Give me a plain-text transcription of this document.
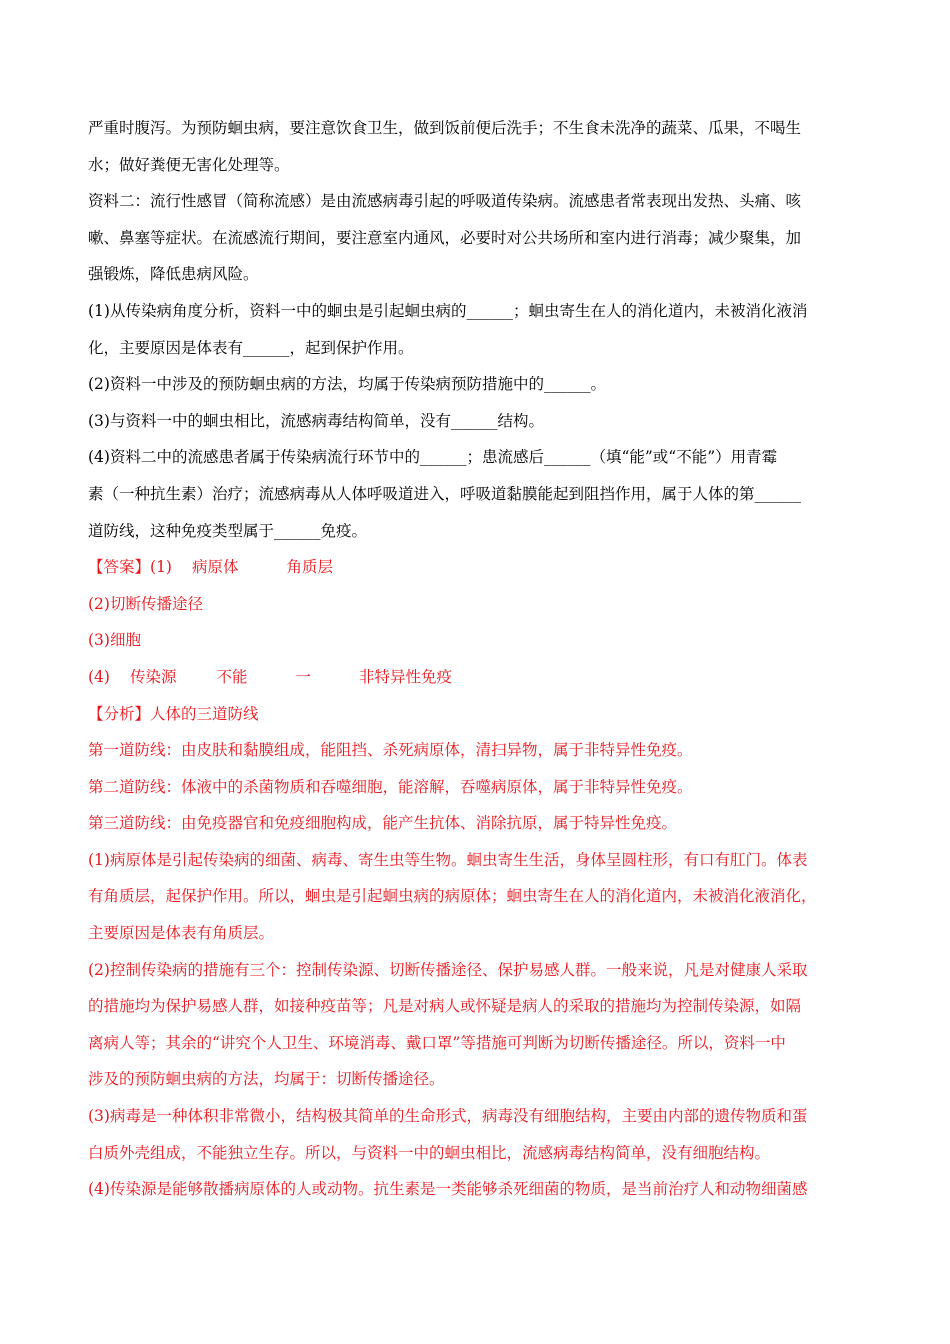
严重时腹泻。为预防蛔虫病，要注意饮食卫生，做到饭前便后洗手；不生食未洗净的蔬菜、瓜果，不喝生
水；做好粪便无害化处理等。
资料二：流行性感冒（简称流感）是由流感病毒引起的呼吸道传染病。流感患者常表现出发热、头痛、咳
嗽、鼻塞等症状。在流感流行期间，要注意室内通风，必要时对公共场所和室内进行消毒；减少聚集，加
强锻炼，降低患病风险。
(1)从传染病角度分析，资料一中的蛔虫是引起蛔虫病的______；蛔虫寄生在人的消化道内，未被消化液消
化，主要原因是体表有______，起到保护作用。
(2)资料一中涉及的预防蛔虫病的方法，均属于传染病预防措施中的______。
(3)与资料一中的蛔虫相比，流感病毒结构简单，没有______结构。
(4)资料二中的流感患者属于传染病流行环节中的______；患流感后______（填“能”或“不能”）用青霉
素（一种抗生素）治疗；流感病毒从人体呼吸道进入，呼吸道黏膜能起到阻挡作用，属于人体的第______
道防线，这种免疫类型属于______免疫。
【答案】(1) 病原体	角质层
(2)切断传播途径
(3)细胞
(4) 传染源	不能	一	非特异性免疫
【分析】人体的三道防线
第一道防线：由皮肤和黏膜组成，能阻挡、杀死病原体，清扫异物，属于非特异性免疫。
第二道防线：体液中的杀菌物质和吞噬细胞，能溶解，吞噬病原体，属于非特异性免疫。
第三道防线：由免疫器官和免疫细胞构成，能产生抗体、消除抗原，属于特异性免疫。
(1)病原体是引起传染病的细菌、病毒、寄生虫等生物。蛔虫寄生生活，身体呈圆柱形，有口有肛门。体表
有角质层，起保护作用。所以，蛔虫是引起蛔虫病的病原体；蛔虫寄生在人的消化道内，未被消化液消化，
主要原因是体表有角质层。
(2)控制传染病的措施有三个：控制传染源、切断传播途径、保护易感人群。一般来说，凡是对健康人采取
的措施均为保护易感人群，如接种疫苗等；凡是对病人或怀疑是病人的采取的措施均为控制传染源，如隔
离病人等；其余的“讲究个人卫生、环境消毒、戴口罩”等措施可判断为切断传播途径。所以，资料一中
涉及的预防蛔虫病的方法，均属于：切断传播途径。
(3)病毒是一种体积非常微小，结构极其简单的生命形式，病毒没有细胞结构，主要由内部的遗传物质和蛋
白质外壳组成，不能独立生存。所以，与资料一中的蛔虫相比，流感病毒结构简单，没有细胞结构。
(4)传染源是能够散播病原体的人或动物。抗生素是一类能够杀死细菌的物质，是当前治疗人和动物细菌感
